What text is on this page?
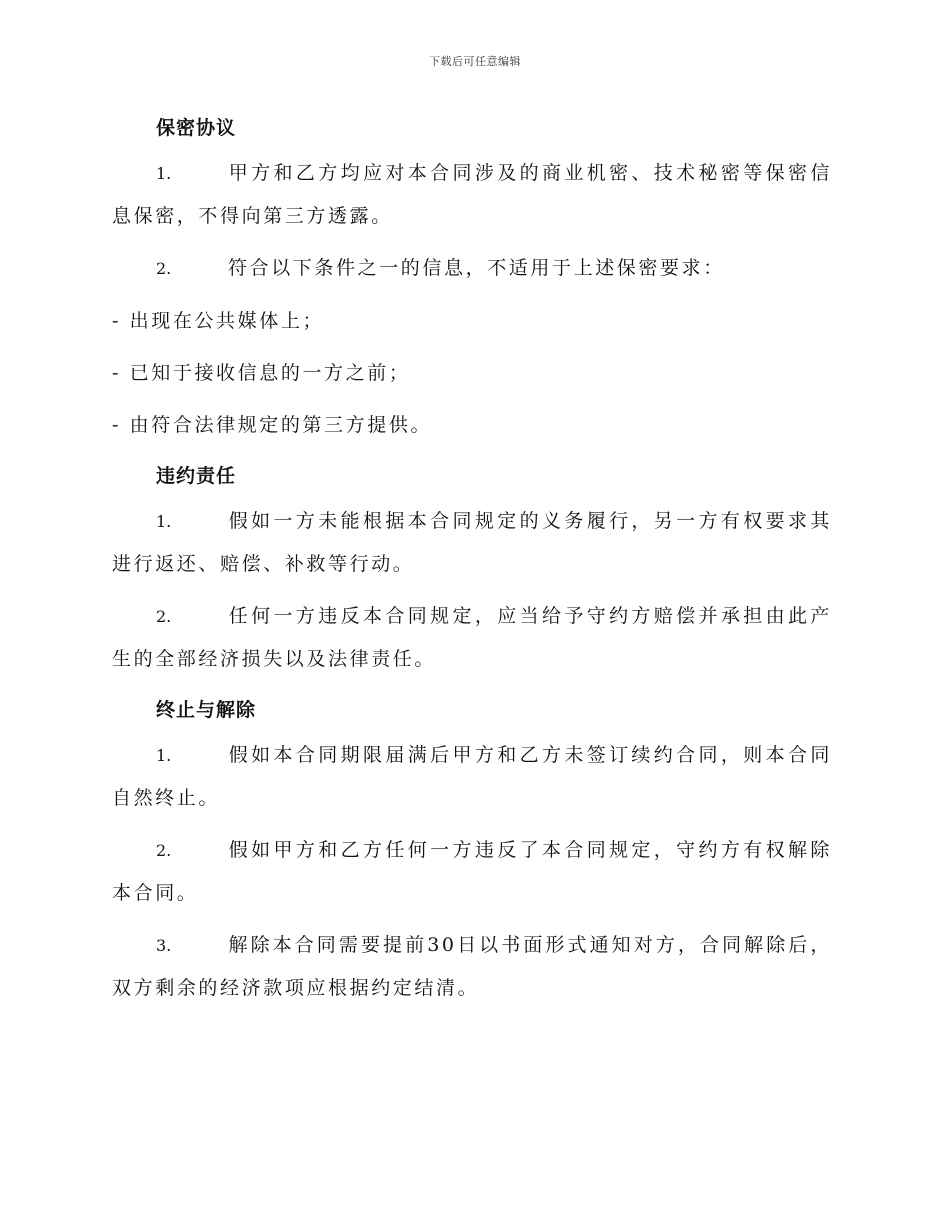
下载后可任意编辑
保密协议

1.	甲方和乙方均应对本合同涉及的商业机密、技术秘密等保密信息保密，不得向第三方透露。

2.	符合以下条件之一的信息，不适用于上述保密要求：

- 出现在公共媒体上；
- 已知于接收信息的一方之前；
- 由符合法律规定的第三方提供。
违约责任

1.	假如一方未能根据本合同规定的义务履行，另一方有权要求其进行返还、赔偿、补救等行动。

2.	任何一方违反本合同规定，应当给予守约方赔偿并承担由此产生的全部经济损失以及法律责任。

终止与解除

1.	假如本合同期限届满后甲方和乙方未签订续约合同，则本合同自然终止。

2.	假如甲方和乙方任何一方违反了本合同规定，守约方有权解除本合同。

3.	解除本合同需要提前30日以书面形式通知对方，合同解除后，双方剩余的经济款项应根据约定结清。
